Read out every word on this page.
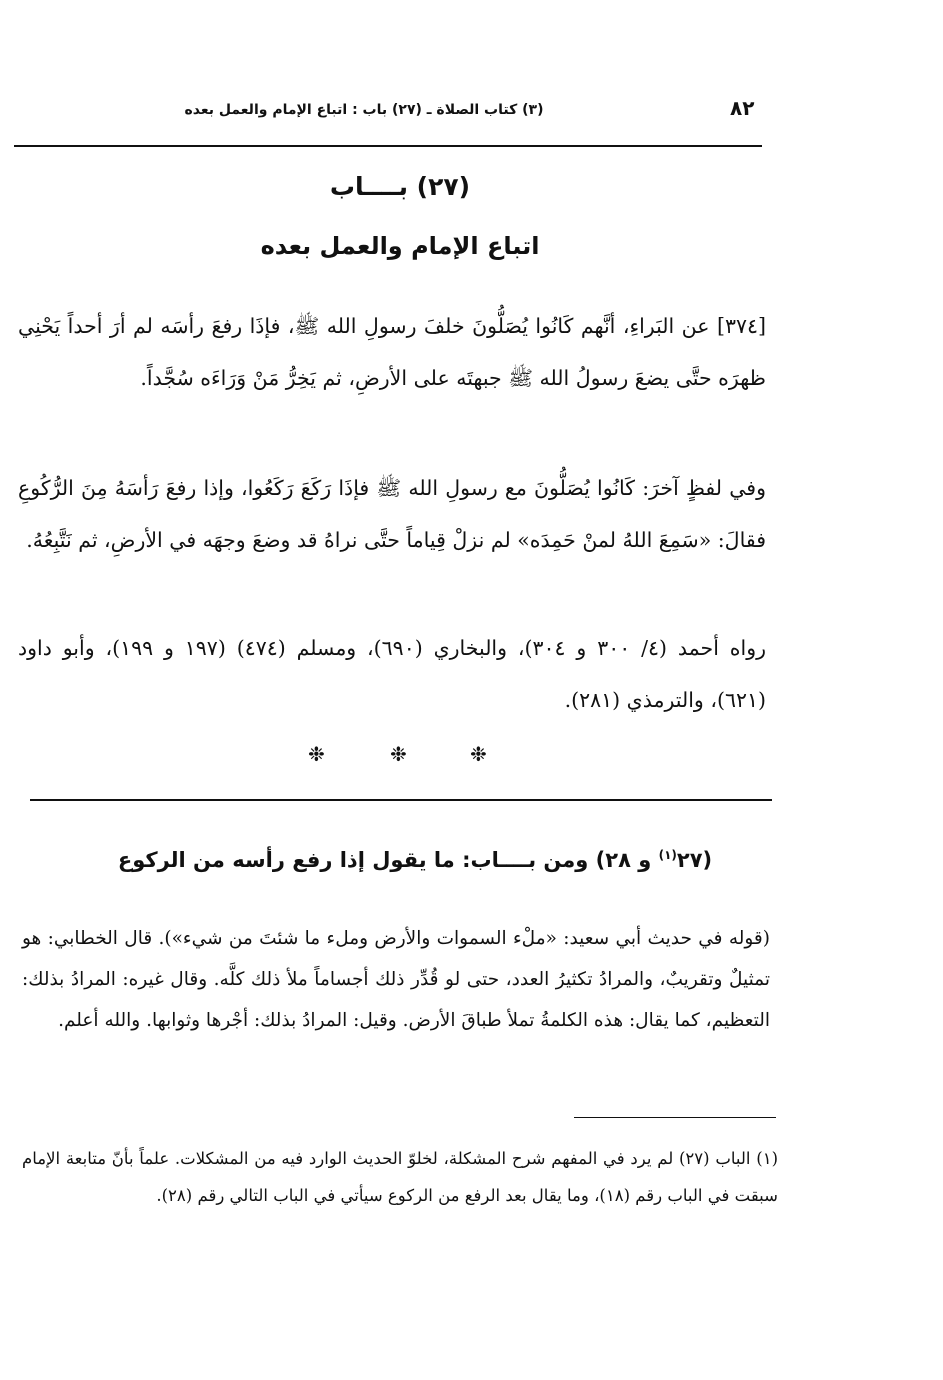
٨٢
(٣) كتاب الصلاة ـ (٢٧) باب : اتباع الإمام والعمل بعده
(٢٧) بــــاب
اتباع الإمام والعمل بعده

[٣٧٤] عن البَراءِ، أنَّهم كَانُوا يُصَلُّونَ خلفَ رسولِ الله ﷺ، فإذَا رفعَ رأسَه لم أرَ أحداً يَحْنِي ظهرَه حتَّى يضعَ رسولُ الله ﷺ جبهتَه على الأرضِ، ثم يَخِرُّ مَنْ وَرَاءَه سُجَّداً.

وفي لفظٍ آخرَ: كَانُوا يُصَلُّونَ مع رسولِ الله ﷺ فإذَا رَكَعَ رَكَعُوا، وإذا رفعَ رَأسَهُ مِنَ الرُّكُوعِ فقالَ: «سَمِعَ اللهُ لمنْ حَمِدَه» لم نزلْ قِياماً حتَّى نراهُ قد وضعَ وجهَه في الأرضِ، ثم نَتَّبِعُهُ.

رواه أحمد (٤/ ٣٠٠ و ٣٠٤)، والبخاري (٦٩٠)، ومسلم (٤٧٤) (١٩٧ و ١٩٩)، وأبو داود (٦٢١)، والترمذي (٢٨١).

❉	❉	❉
(٢٧$^{(١)}$ و ٢٨) ومن بــــاب: ما يقول إذا رفع رأسه من الركوع

(قوله في حديث أبي سعيد: «ملْء السموات والأرض وملء ما شئتَ من شيء»). قال الخطابي: هو تمثيلٌ وتقريبٌ، والمرادُ تكثيرُ العدد، حتى لو قُدِّر ذلك أجساماً ملأ ذلك كلَّه. وقال غيره: المرادُ بذلك: التعظيم، كما يقال: هذه الكلمةُ تملأ طباقَ الأرض. وقيل: المرادُ بذلك: أجْرها وثوابها. والله أعلم.

(١) الباب (٢٧) لم يرد في المفهم شرح المشكلة، لخلوّ الحديث الوارد فيه من المشكلات. علماً بأنّ متابعة الإمام سبقت في الباب رقم (١٨)، وما يقال بعد الرفع من الركوع سيأتي في الباب التالي رقم (٢٨).
